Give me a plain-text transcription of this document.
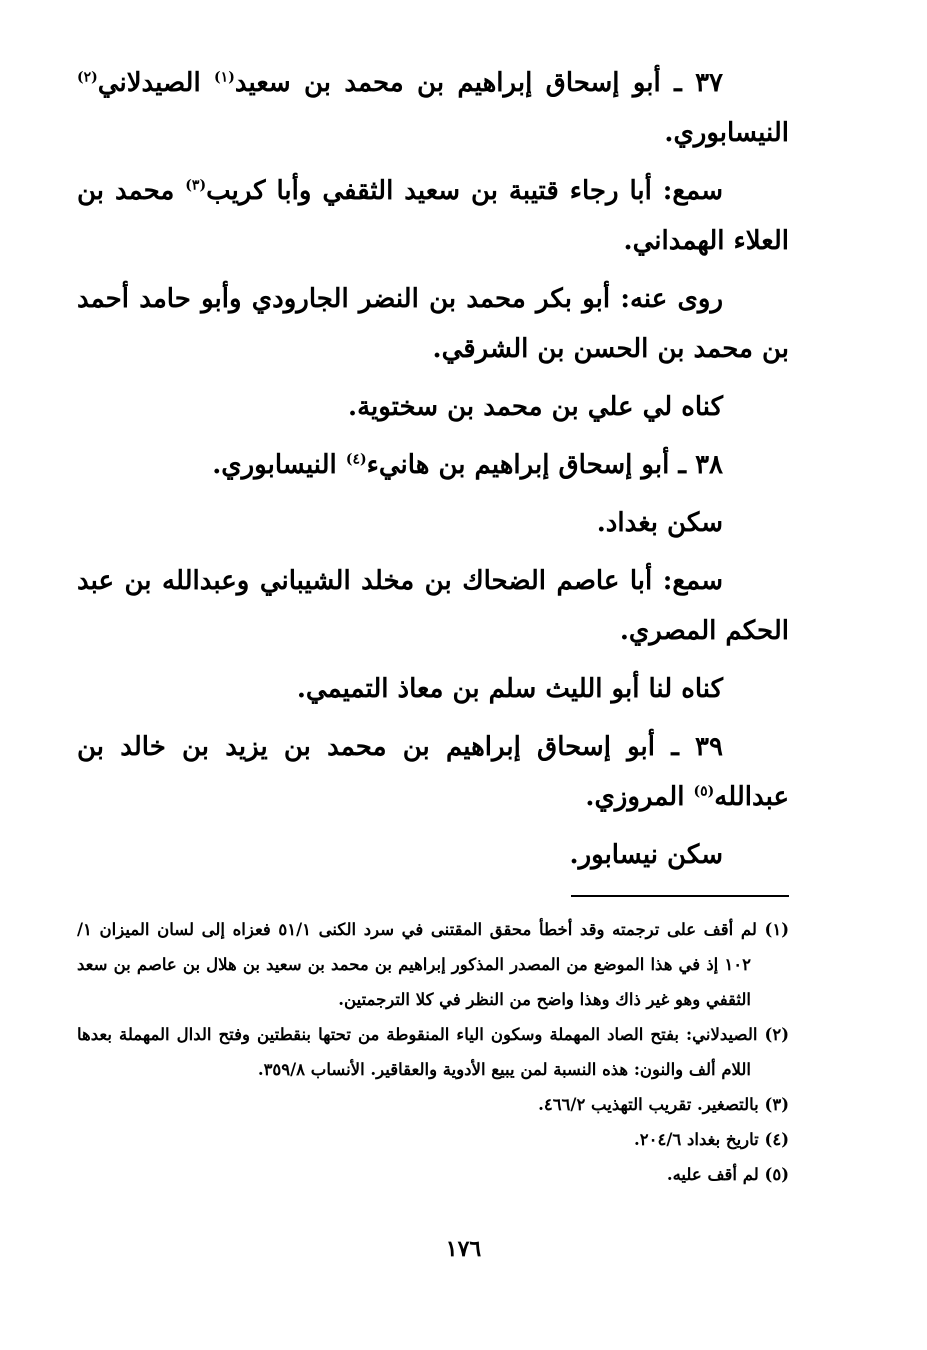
٣٧ ـ أبو إسحاق إبراهيم بن محمد بن سعيد$^{(١)}$ الصيدلاني$^{(٢)}$ النيسابوري.

سمع: أبا رجاء قتيبة بن سعيد الثقفي وأبا كريب$^{(٣)}$ محمد بن العلاء الهمداني.

روى عنه: أبو بكر محمد بن النضر الجارودي وأبو حامد أحمد بن محمد بن الحسن بن الشرقي.

كناه لي علي بن محمد بن سختوية.

٣٨ ـ أبو إسحاق إبراهيم بن هانيء$^{(٤)}$ النيسابوري.

سكن بغداد.

سمع: أبا عاصم الضحاك بن مخلد الشيباني وعبدالله بن عبد الحكم المصري.

كناه لنا أبو الليث سلم بن معاذ التميمي.

٣٩ ـ أبو إسحاق إبراهيم بن محمد بن يزيد بن خالد بن عبدالله$^{(٥)}$ المروزي.

سكن نيسابور.

(١) لم أقف على ترجمته وقد أخطأ محقق المقتنى في سرد الكنى ٥١/١ فعزاه إلى لسان الميزان ١/ ١٠٢ إذ في هذا الموضع من المصدر المذكور إبراهيم بن محمد بن سعيد بن هلال بن عاصم بن سعد الثقفي وهو غير ذاك وهذا واضح من النظر في كلا الترجمتين.

(٢) الصيدلاني: بفتح الصاد المهملة وسكون الياء المنقوطة من تحتها بنقطتين وفتح الدال المهملة بعدها اللام ألف والنون: هذه النسبة لمن يبيع الأدوية والعقاقير. الأنساب ٣٥٩/٨.

(٣) بالتصغير. تقريب التهذيب ٤٦٦/٢.

(٤) تاريخ بغداد ٢٠٤/٦.

(٥) لم أقف عليه.

١٧٦
